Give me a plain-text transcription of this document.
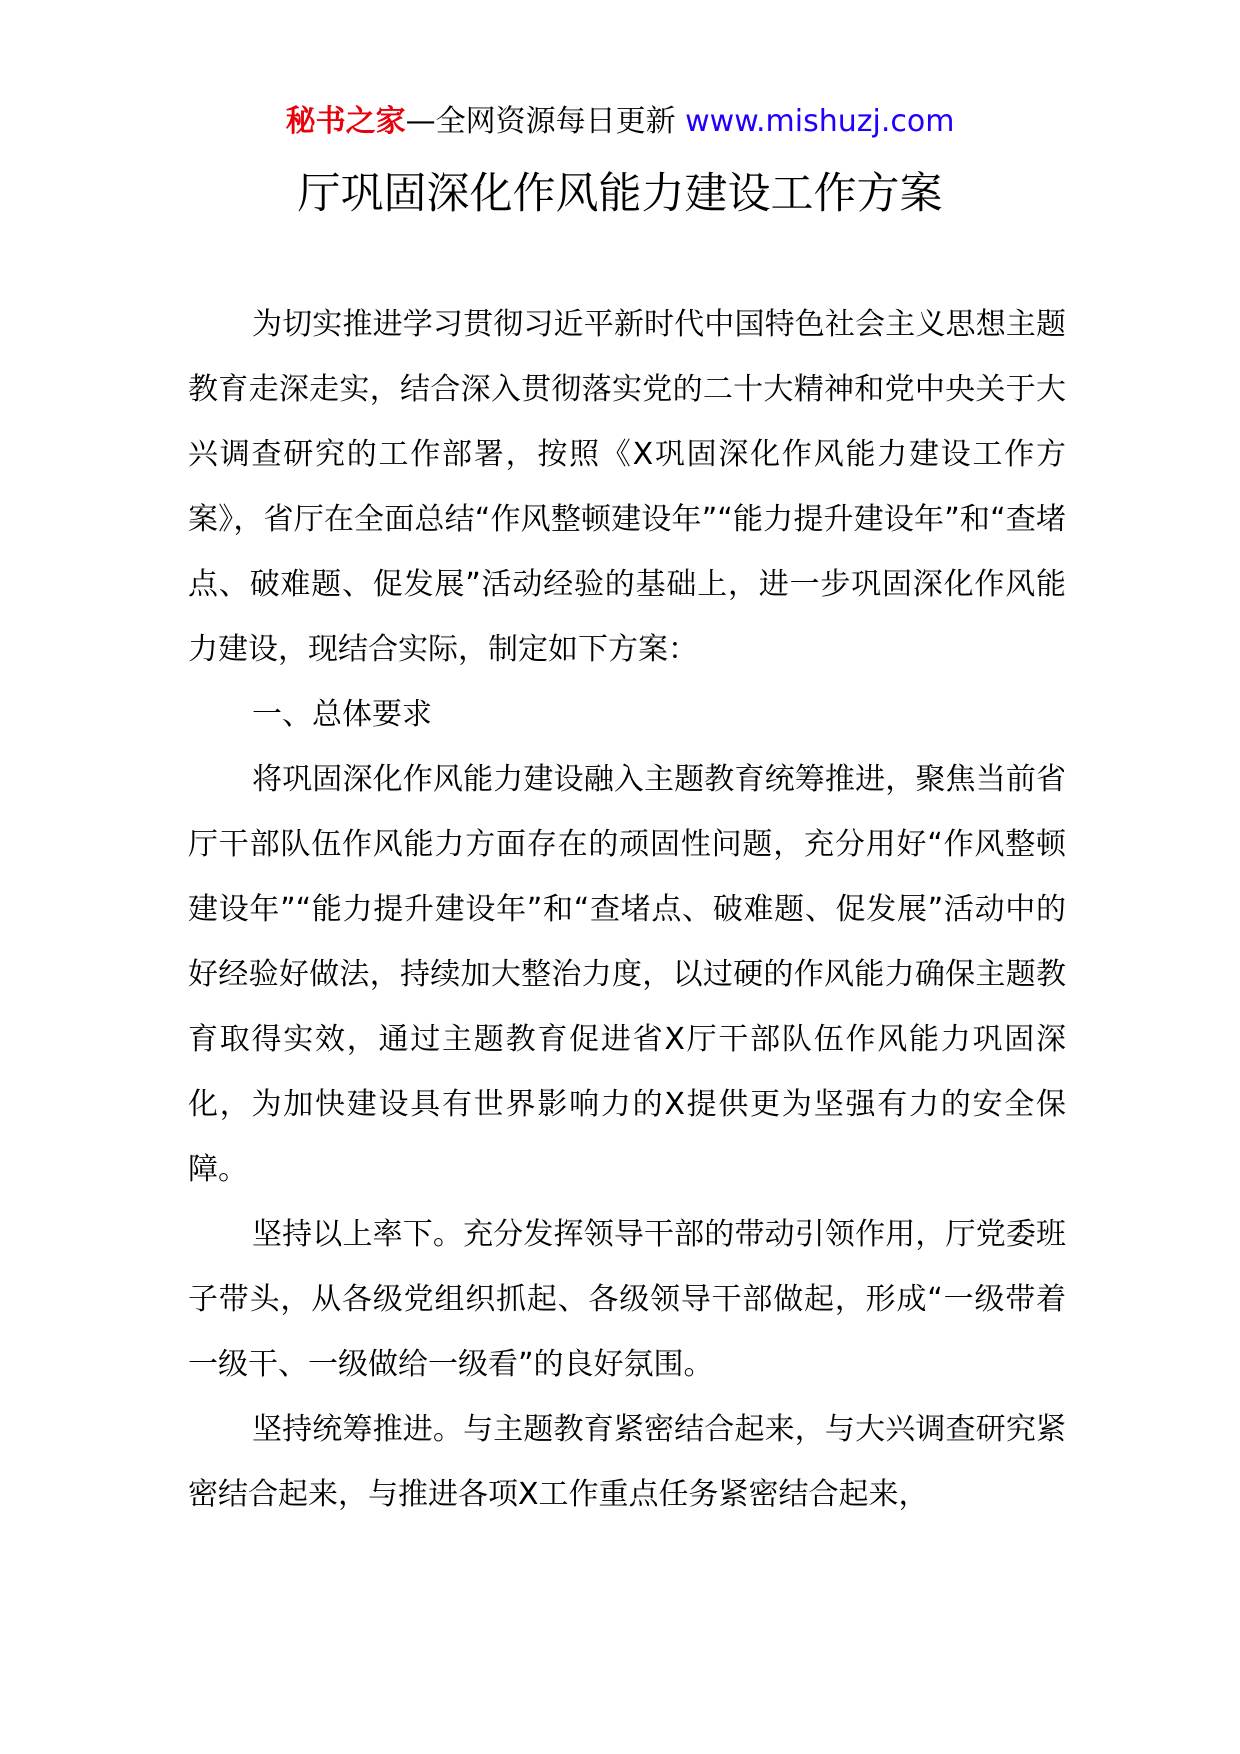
秘书之家—全网资源每日更新 www.mishuzj.com
厅巩固深化作风能力建设工作方案

为切实推进学习贯彻习近平新时代中国特色社会主义思想主题教育走深走实，结合深入贯彻落实党的二十大精神和党中央关于大兴调查研究的工作部署，按照《X巩固深化作风能力建设工作方案》，省厅在全面总结“作风整顿建设年”“能力提升建设年”和“查堵点、破难题、促发展”活动经验的基础上，进一步巩固深化作风能力建设，现结合实际，制定如下方案：

一、总体要求

将巩固深化作风能力建设融入主题教育统筹推进，聚焦当前省厅干部队伍作风能力方面存在的顽固性问题，充分用好“作风整顿建设年”“能力提升建设年”和“查堵点、破难题、促发展”活动中的好经验好做法，持续加大整治力度，以过硬的作风能力确保主题教育取得实效，通过主题教育促进省X厅干部队伍作风能力巩固深化，为加快建设具有世界影响力的X提供更为坚强有力的安全保障。

坚持以上率下。充分发挥领导干部的带动引领作用，厅党委班子带头，从各级党组织抓起、各级领导干部做起，形成“一级带着一级干、一级做给一级看”的良好氛围。

坚持统筹推进。与主题教育紧密结合起来，与大兴调查研究紧密结合起来，与推进各项X工作重点任务紧密结合起来，
